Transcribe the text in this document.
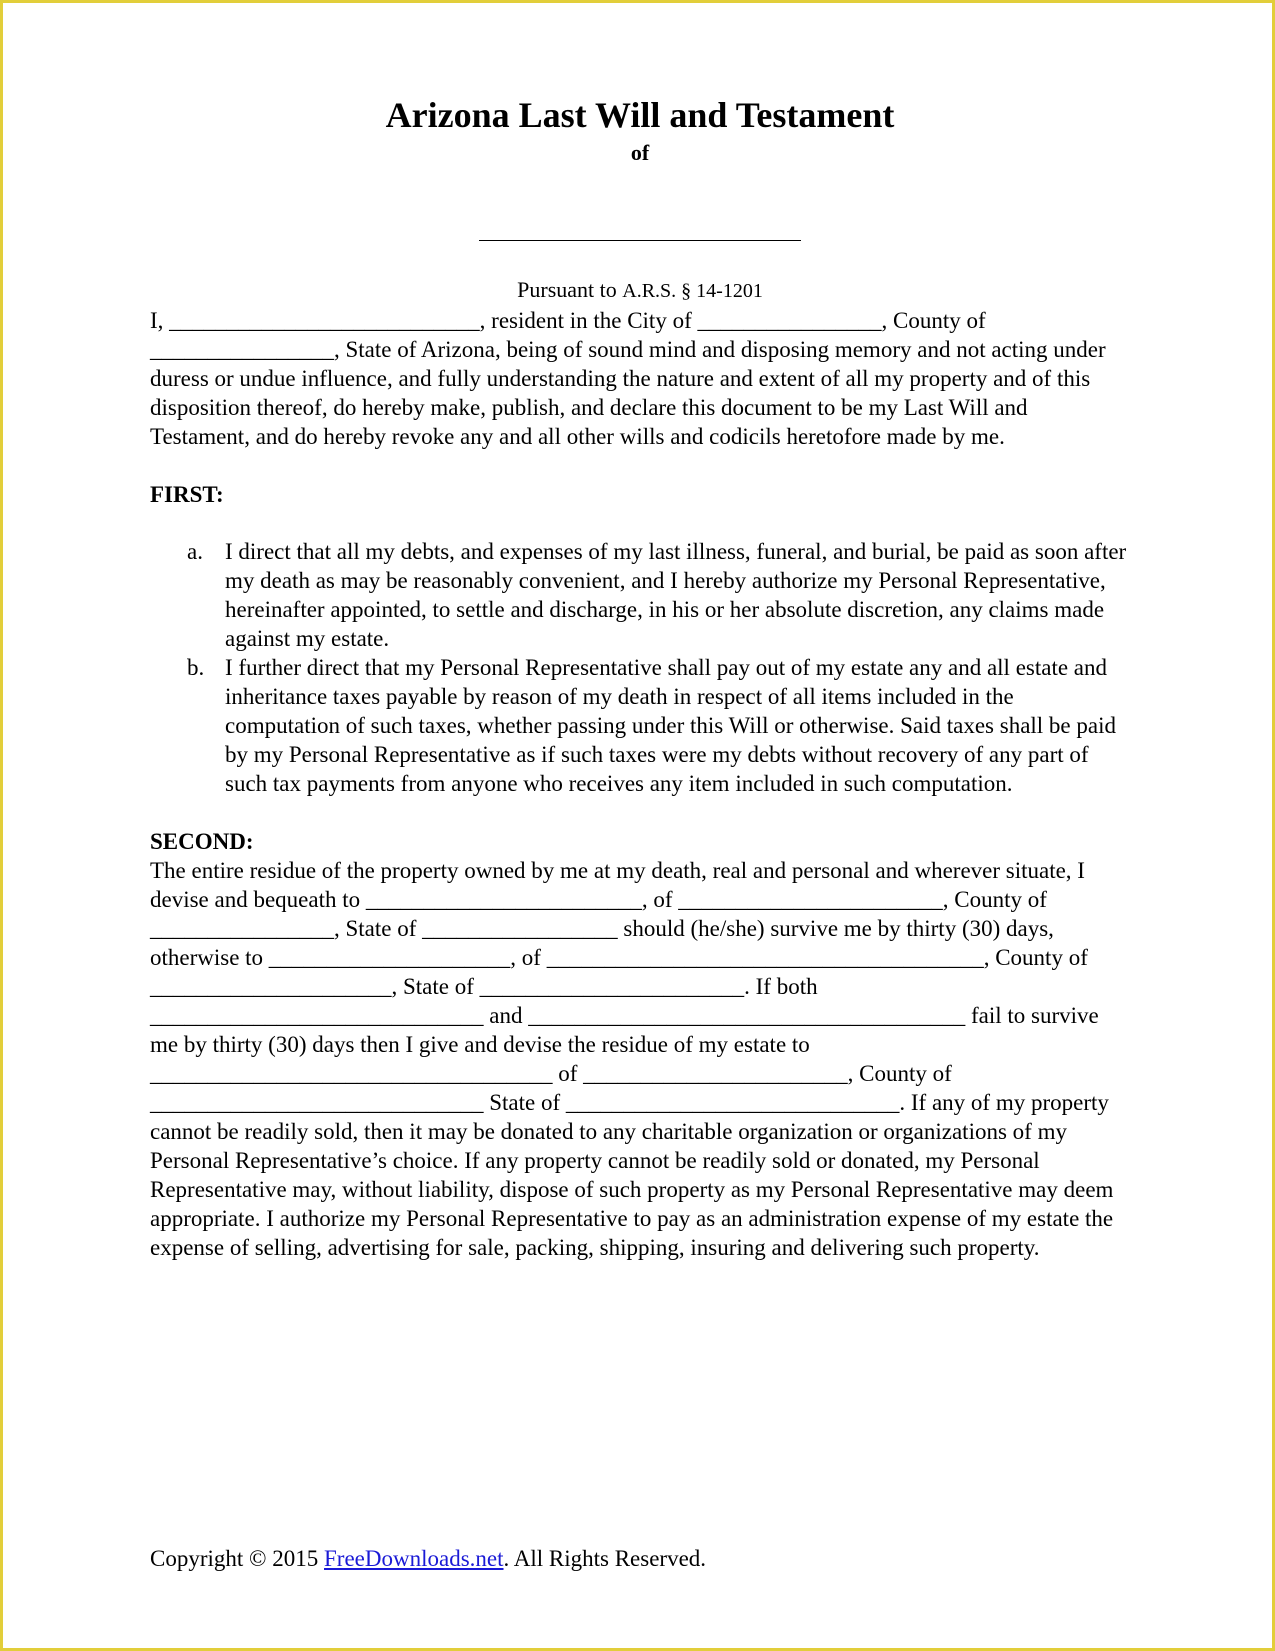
Arizona Last Will and Testament
of
Pursuant to A.R.S. § 14-1201

I, ___________________________, resident in the City of ________________, County of ________________, State of Arizona, being of sound mind and disposing memory and not acting under duress or undue influence, and fully understanding the nature and extent of all my property and of this disposition thereof, do hereby make, publish, and declare this document to be my Last Will and Testament, and do hereby revoke any and all other wills and codicils heretofore made by me.

FIRST:
a. I direct that all my debts, and expenses of my last illness, funeral, and burial, be paid as soon after my death as may be reasonably convenient, and I hereby authorize my Personal Representative, hereinafter appointed, to settle and discharge, in his or her absolute discretion, any claims made against my estate.
b. I further direct that my Personal Representative shall pay out of my estate any and all estate and inheritance taxes payable by reason of my death in respect of all items included in the computation of such taxes, whether passing under this Will or otherwise. Said taxes shall be paid by my Personal Representative as if such taxes were my debts without recovery of any part of such tax payments from anyone who receives any item included in such computation.
SECOND:

The entire residue of the property owned by me at my death, real and personal and wherever situate, I devise and bequeath to ________________________, of _______________________, County of ________________, State of _________________ should (he/she) survive me by thirty (30) days, otherwise to _____________________, of ______________________________________, County of _____________________, State of _______________________. If both _____________________________ and ______________________________________ fail to survive me by thirty (30) days then I give and devise the residue of my estate to ___________________________________ of _______________________, County of _____________________________ State of _____________________________. If any of my property cannot be readily sold, then it may be donated to any charitable organization or organizations of my Personal Representative’s choice. If any property cannot be readily sold or donated, my Personal Representative may, without liability, dispose of such property as my Personal Representative may deem appropriate. I authorize my Personal Representative to pay as an administration expense of my estate the expense of selling, advertising for sale, packing, shipping, insuring and delivering such property.

Copyright © 2015 FreeDownloads.net. All Rights Reserved.
